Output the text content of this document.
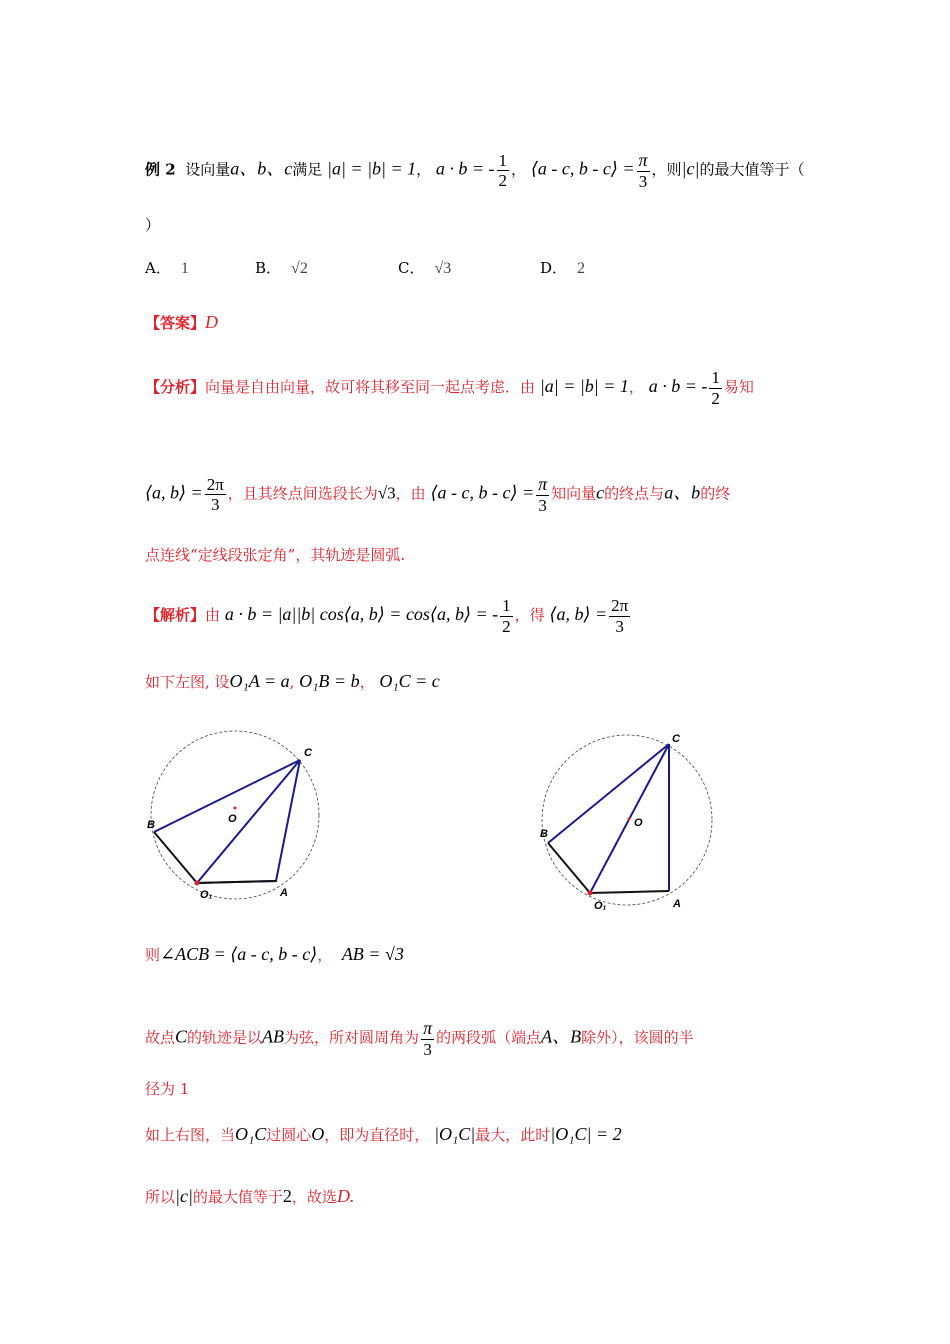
例 2 设向量a、b、c满足 |a| = |b| = 1， a · b = - $\frac{1}{2}$ ， ⟨a - c, b - c⟩ = $\frac{\pi}{3}$ ，则|c|的最大值等于（
）
A． 1	B． √2	C． √3	D． 2
【答案】D
【分析】向量是自由向量，故可将其移至同一起点考虑．由 |a| = |b| = 1， a · b = - $\frac{1}{2}$ 易知
⟨a, b⟩ = $\frac{2\pi}{3}$ ，且其终点间选段长为√3，由 ⟨a - c, b - c⟩ = $\frac{\pi}{3}$ 知向量c的终点与a、b的终
点连线“定线段张定角”，其轨迹是圆弧.
【解析】由 a · b = |a||b| cos⟨a, b⟩ = cos⟨a, b⟩ = - $\frac{1}{2}$ ，得 ⟨a, b⟩ = $\frac{2\pi}{3}$
如下左图, 设O₁A = a, O₁B = b， O₁C = c
C
B	O
O₁	A
C
B
O
O₁	A
则∠ACB = ⟨a - c, b - c⟩，  AB = √3
故点C的轨迹是以AB为弦，所对圆周角为 $\frac{\pi}{3}$ 的两段弧（端点A、B除外），该圆的半
径为 1
如上右图，当O₁C过圆心O，即为直径时， |O₁C|最大，此时|O₁C| = 2
所以|c|的最大值等于2，故选D.
